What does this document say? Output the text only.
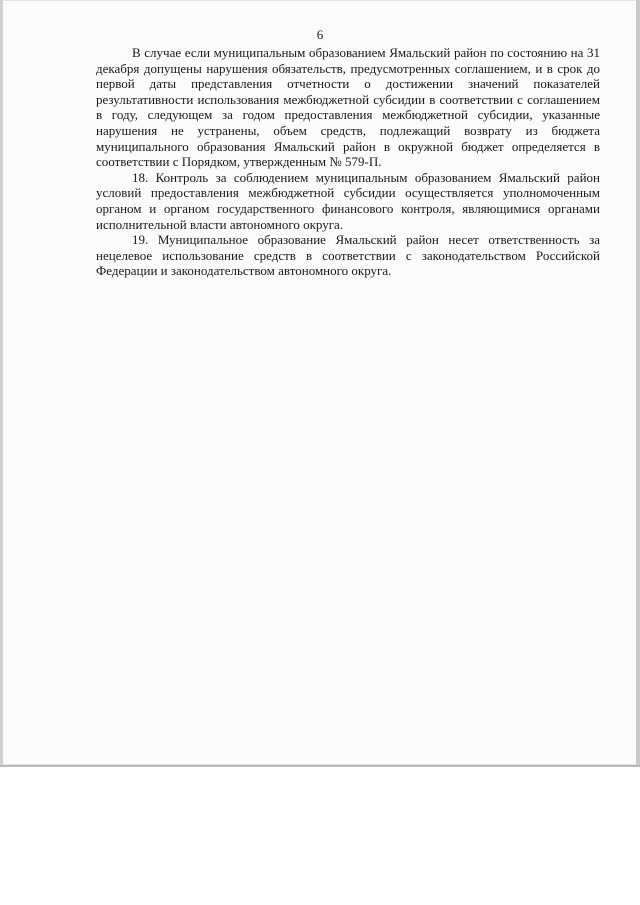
6

В случае если муниципальным образованием Ямальский район по состоянию на 31 декабря допущены нарушения обязательств, предусмотренных соглашением, и в срок до первой даты представления отчетности о достижении значений показателей результативности использования межбюджетной субсидии в соответствии с соглашением в году, следующем за годом предоставления межбюджетной субсидии, указанные нарушения не устранены, объем средств, подлежащий возврату из бюджета муниципального образования Ямальский район в окружной бюджет определяется в соответствии с Порядком, утвержденным № 579-П.

18. Контроль за соблюдением муниципальным образованием Ямальский район условий предоставления межбюджетной субсидии осуществляется уполномоченным органом и органом государственного финансового контроля, являющимися органами исполнительной власти автономного округа.

19. Муниципальное образование Ямальский район несет ответственность за нецелевое использование средств в соответствии с законодательством Российской Федерации и законодательством автономного округа.
